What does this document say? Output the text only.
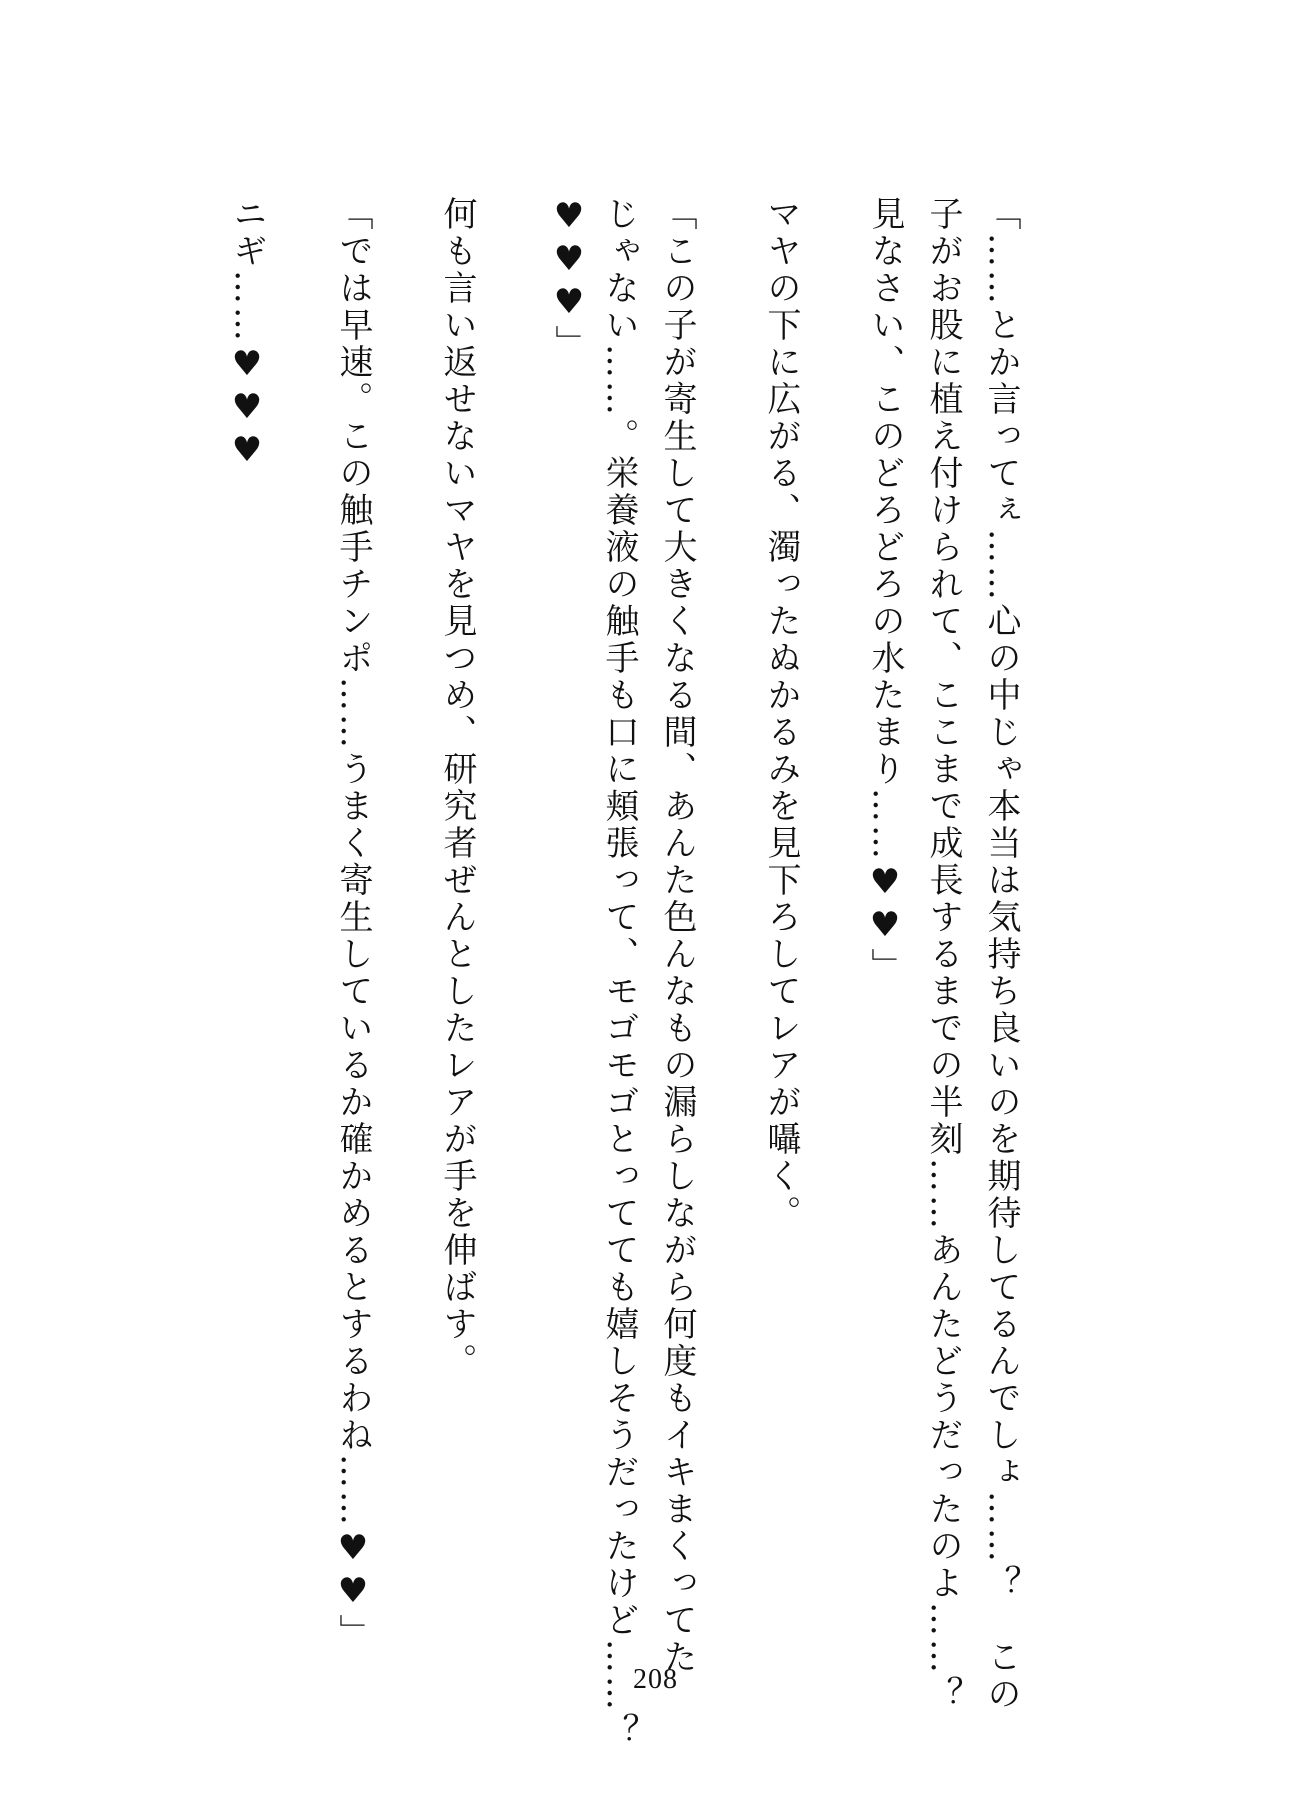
「……とか言ってぇ……心の中じゃ本当は気持ち良いのを期待してるんでしょ……？　この
子がお股に植え付けられて、ここまで成長するまでの半刻……あんたどうだったのよ……？
見なさい、このどろどろの水たまり……♥♥」
マヤの下に広がる、濁ったぬかるみを見下ろしてレアが囁く。
「この子が寄生して大きくなる間、あんた色んなもの漏らしながら何度もイキまくってた
じゃない……。栄養液の触手も口に頬張って、モゴモゴとってても嬉しそうだったけど……？
♥♥♥」
何も言い返せないマヤを見つめ、研究者ぜんとしたレアが手を伸ばす。
「では早速。この触手チンポ……うまく寄生しているか確かめるとするわね……♥♥」
ニギ……♥♥♥
208
